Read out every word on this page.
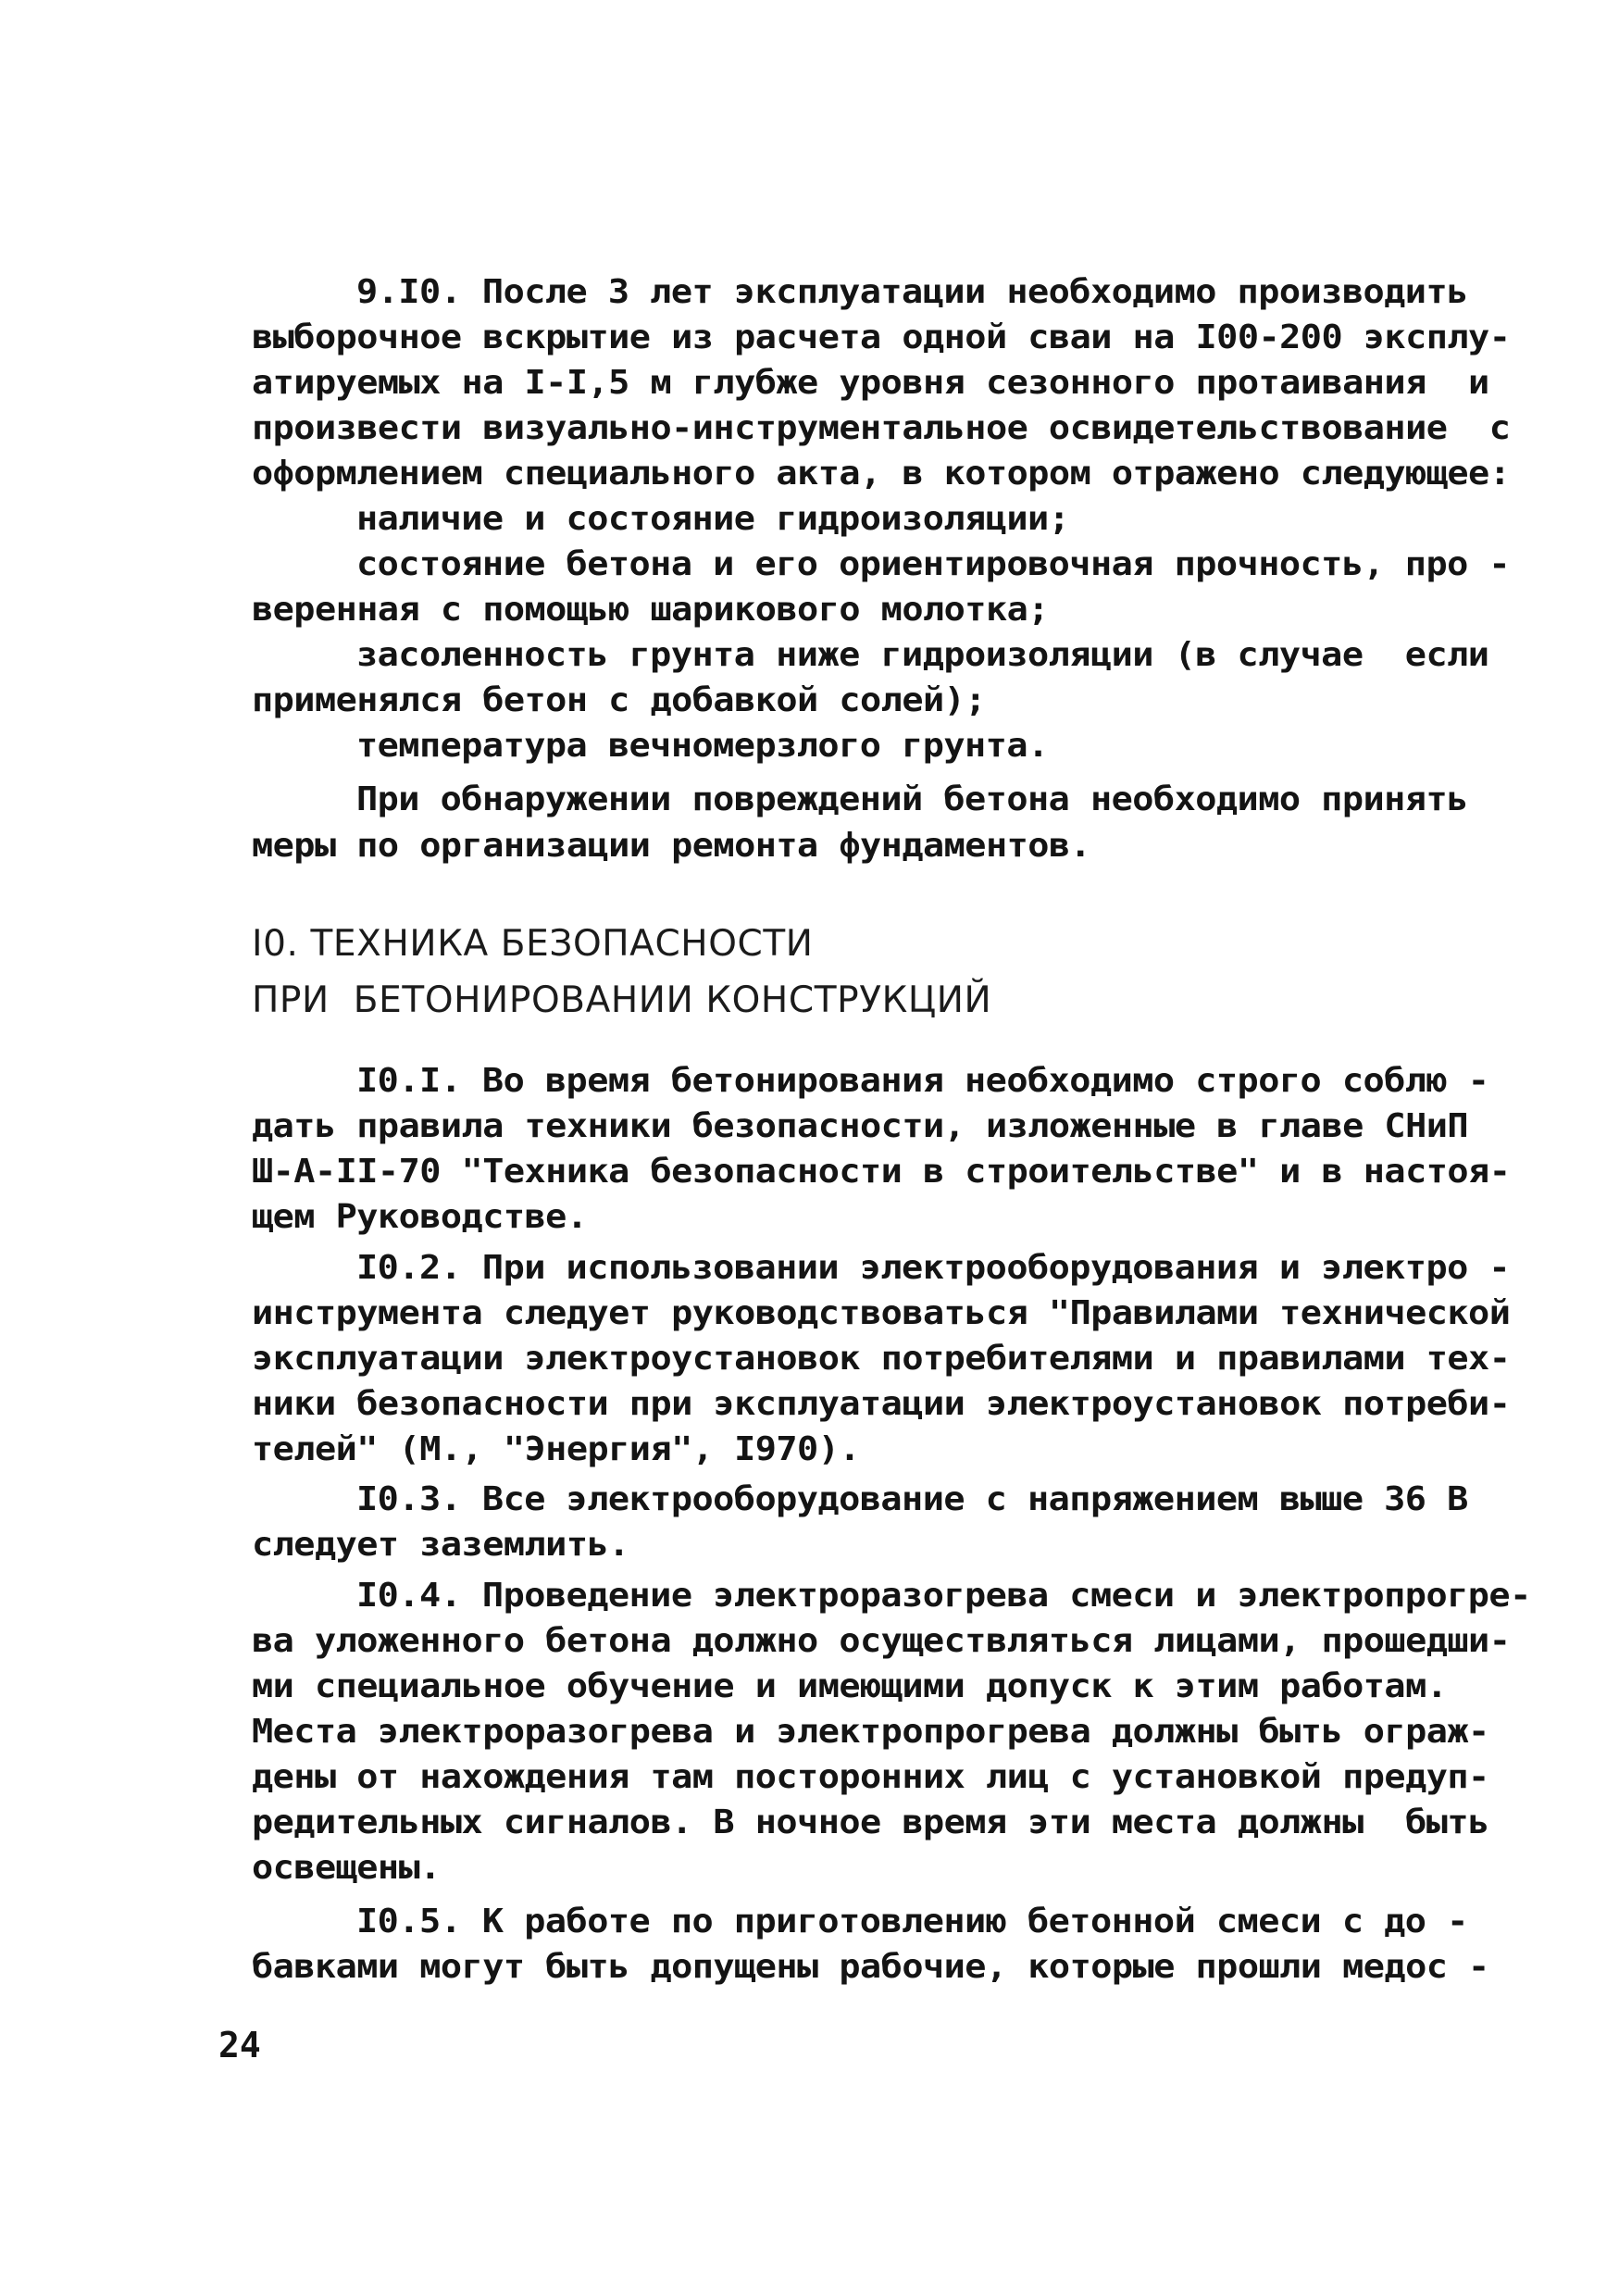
9.I0. После 3 лет эксплуатации необходимо производить
выборочное вскрытие из расчета одной сваи на I00-200 эксплу-
атируемых на I-I,5 м глубже уровня сезонного протаивания  и
произвести визуально-инструментальное освидетельствование  с
оформлением специального акта, в котором отражено следующее:
наличие и состояние гидроизоляции;
состояние бетона и его ориентировочная прочность, про -
веренная с помощью шарикового молотка;
засоленность грунта ниже гидроизоляции (в случае  если
применялся бетон с добавкой солей);
температура вечномерзлого грунта.
При обнаружении повреждений бетона необходимо принять
меры по организации ремонта фундаментов.
I0. ТЕХНИКА БЕЗОПАСНОСТИ
ПРИ  БЕТОНИРОВАНИИ КОНСТРУКЦИЙ
I0.I. Во время бетонирования необходимо строго соблю -
дать правила техники безопасности, изложенные в главе СНиП
Ш-А-II-70 "Техника безопасности в строительстве" и в настоя-
щем Руководстве.
I0.2. При использовании электрооборудования и электро -
инструмента следует руководствоваться "Правилами технической
эксплуатации электроустановок потребителями и правилами тех-
ники безопасности при эксплуатации электроустановок потреби-
телей" (М., "Энергия", I970).
I0.3. Все электрооборудование с напряжением выше 36 В
следует заземлить.
I0.4. Проведение электроразогрева смеси и электропрогре-
ва уложенного бетона должно осуществляться лицами, прошедши-
ми специальное обучение и имеющими допуск к этим работам.
Места электроразогрева и электропрогрева должны быть ограж-
дены от нахождения там посторонних лиц с установкой предуп-
редительных сигналов. В ночное время эти места должны  быть
освещены.
I0.5. К работе по приготовлению бетонной смеси с до -
бавками могут быть допущены рабочие, которые прошли медос -
24
